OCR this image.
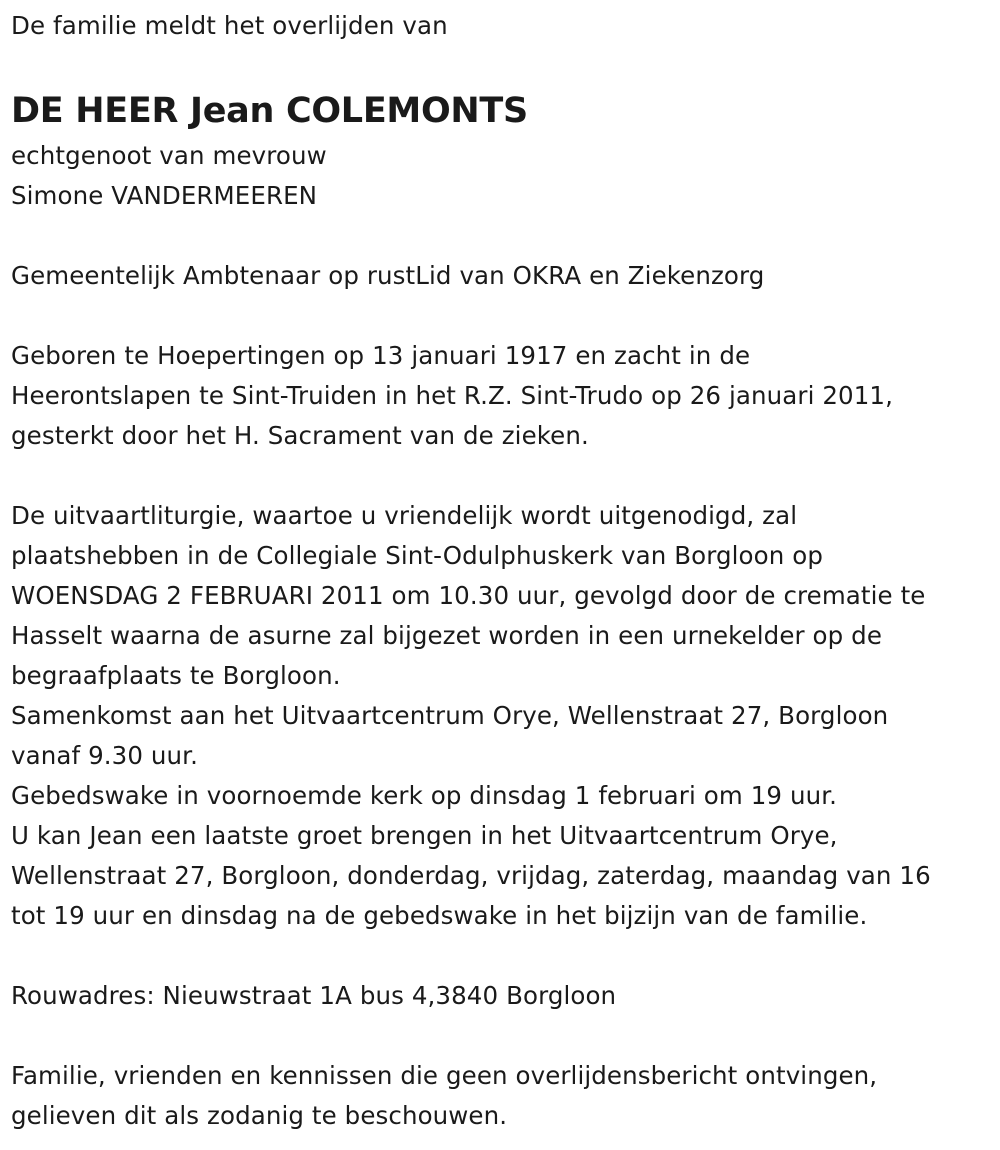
De familie meldt het overlijden van
DE HEER Jean COLEMONTS
echtgenoot van mevrouw
Simone VANDERMEEREN
Gemeentelijk Ambtenaar op rustLid van OKRA en Ziekenzorg
Geboren te Hoepertingen op 13 januari 1917 en zacht in de
Heerontslapen te Sint-Truiden in het R.Z. Sint-Trudo op 26 januari 2011,
gesterkt door het H. Sacrament van de zieken.
De uitvaartliturgie, waartoe u vriendelijk wordt uitgenodigd, zal
plaatshebben in de Collegiale Sint-Odulphuskerk van Borgloon op
WOENSDAG 2 FEBRUARI 2011 om 10.30 uur, gevolgd door de crematie te
Hasselt waarna de asurne zal bijgezet worden in een urnekelder op de
begraafplaats te Borgloon.
Samenkomst aan het Uitvaartcentrum Orye, Wellenstraat 27, Borgloon
vanaf 9.30 uur.
Gebedswake in voornoemde kerk op dinsdag 1 februari om 19 uur.
U kan Jean een laatste groet brengen in het Uitvaartcentrum Orye,
Wellenstraat 27, Borgloon, donderdag, vrijdag, zaterdag, maandag van 16
tot 19 uur en dinsdag na de gebedswake in het bijzijn van de familie.
Rouwadres: Nieuwstraat 1A bus 4,3840 Borgloon
Familie, vrienden en kennissen die geen overlijdensbericht ontvingen,
gelieven dit als zodanig te beschouwen.
